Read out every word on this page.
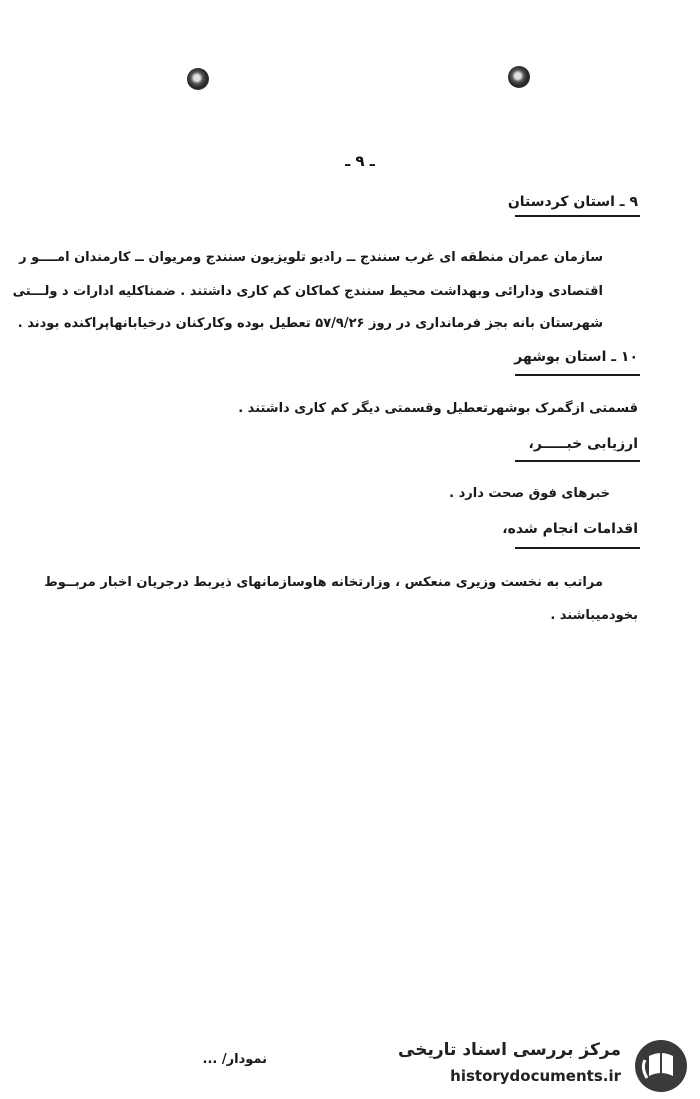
ـ ۹ ـ
۹ ـ استان کردستان
سازمان عمران منطقه ای غرب سنندج ــ رادیو تلویزیون سنندج ومریوان ــ کارمندان امــــو ر
اقتصادی ودارائی وبهداشت محیط سنندج کماکان کم کاری داشتند . ضمناکلیه ادارات د ولـــتی
شهرستان بانه بجز فرمانداری در روز ۵۷/۹/۲۶ تعطیل بوده وکارکنان درخیابانهاپراکنده بودند .
۱۰ ـ استان بوشهر
قسمتی ازگمرک بوشهرتعطیل وقسمتی دیگر کم کاری داشتند .
ارزیابی خبـــــر،
خبرهای فوق صحت دارد .
اقدامات انجام شده،
مراتب به نخست وزیری منعکس ، وزارتخانه هاوسازمانهای ذیربط درجریان اخبار مربــوط
بخودمیباشند .
نمودار/ ...	مرکز بررسی اسناد تاریخی
historydocuments.ir
